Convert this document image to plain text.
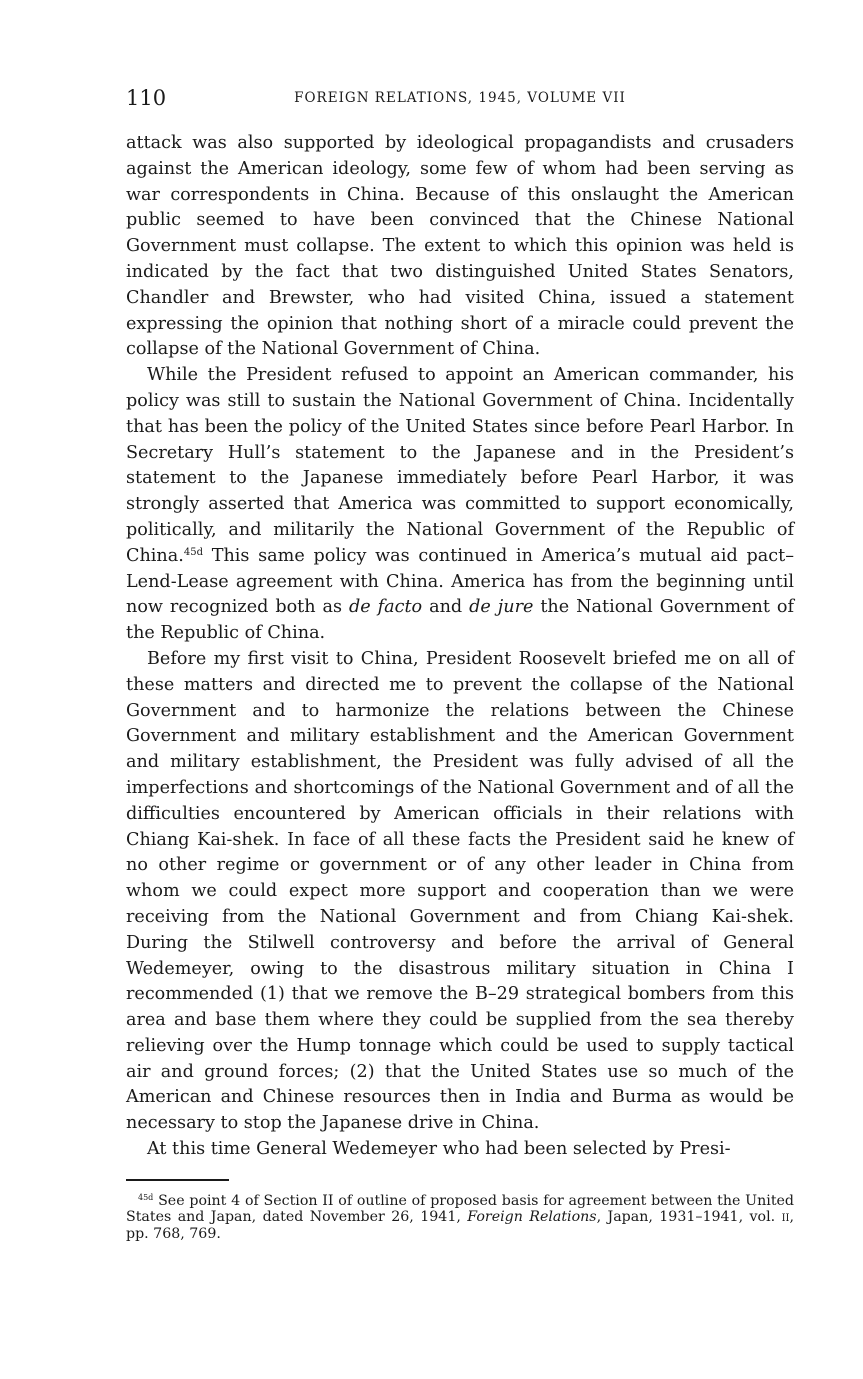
110	FOREIGN RELATIONS, 1945, VOLUME VII

attack was also supported by ideological propagandists and crusaders against the American ideology, some few of whom had been serving as war correspondents in China. Because of this onslaught the American public seemed to have been convinced that the Chinese National Government must collapse. The extent to which this opinion was held is indicated by the fact that two distinguished United States Senators, Chandler and Brewster, who had visited China, issued a statement expressing the opinion that nothing short of a miracle could prevent the collapse of the National Government of China.

While the President refused to appoint an American commander, his policy was still to sustain the National Government of China. Incidentally that has been the policy of the United States since before Pearl Harbor. In Secretary Hull’s statement to the Japanese and in the President’s statement to the Japanese immediately before Pearl Harbor, it was strongly asserted that America was committed to support economically, politically, and militarily the National Government of the Republic of China.$^{45d}$ This same policy was continued in America’s mutual aid pact–Lend-Lease agreement with China. America has from the beginning until now recognized both as de facto and de jure the National Government of the Republic of China.

Before my first visit to China, President Roosevelt briefed me on all of these matters and directed me to prevent the collapse of the National Government and to harmonize the relations between the Chinese Government and military establishment and the American Government and military establishment, the President was fully advised of all the imperfections and shortcomings of the National Government and of all the difficulties encountered by American officials in their relations with Chiang Kai-shek. In face of all these facts the President said he knew of no other regime or government or of any other leader in China from whom we could expect more support and cooperation than we were receiving from the National Government and from Chiang Kai-shek. During the Stilwell controversy and before the arrival of General Wedemeyer, owing to the disastrous military situation in China I recommended (1) that we remove the B–29 strategical bombers from this area and base them where they could be supplied from the sea thereby relieving over the Hump tonnage which could be used to supply tactical air and ground forces; (2) that the United States use so much of the American and Chinese resources then in India and Burma as would be necessary to stop the Japanese drive in China.

At this time General Wedemeyer who had been selected by Presi-

$^{45d}$ See point 4 of Section II of outline of proposed basis for agreement between the United States and Japan, dated November 26, 1941, Foreign Relations, Japan, 1931–1941, vol. ii, pp. 768, 769.
